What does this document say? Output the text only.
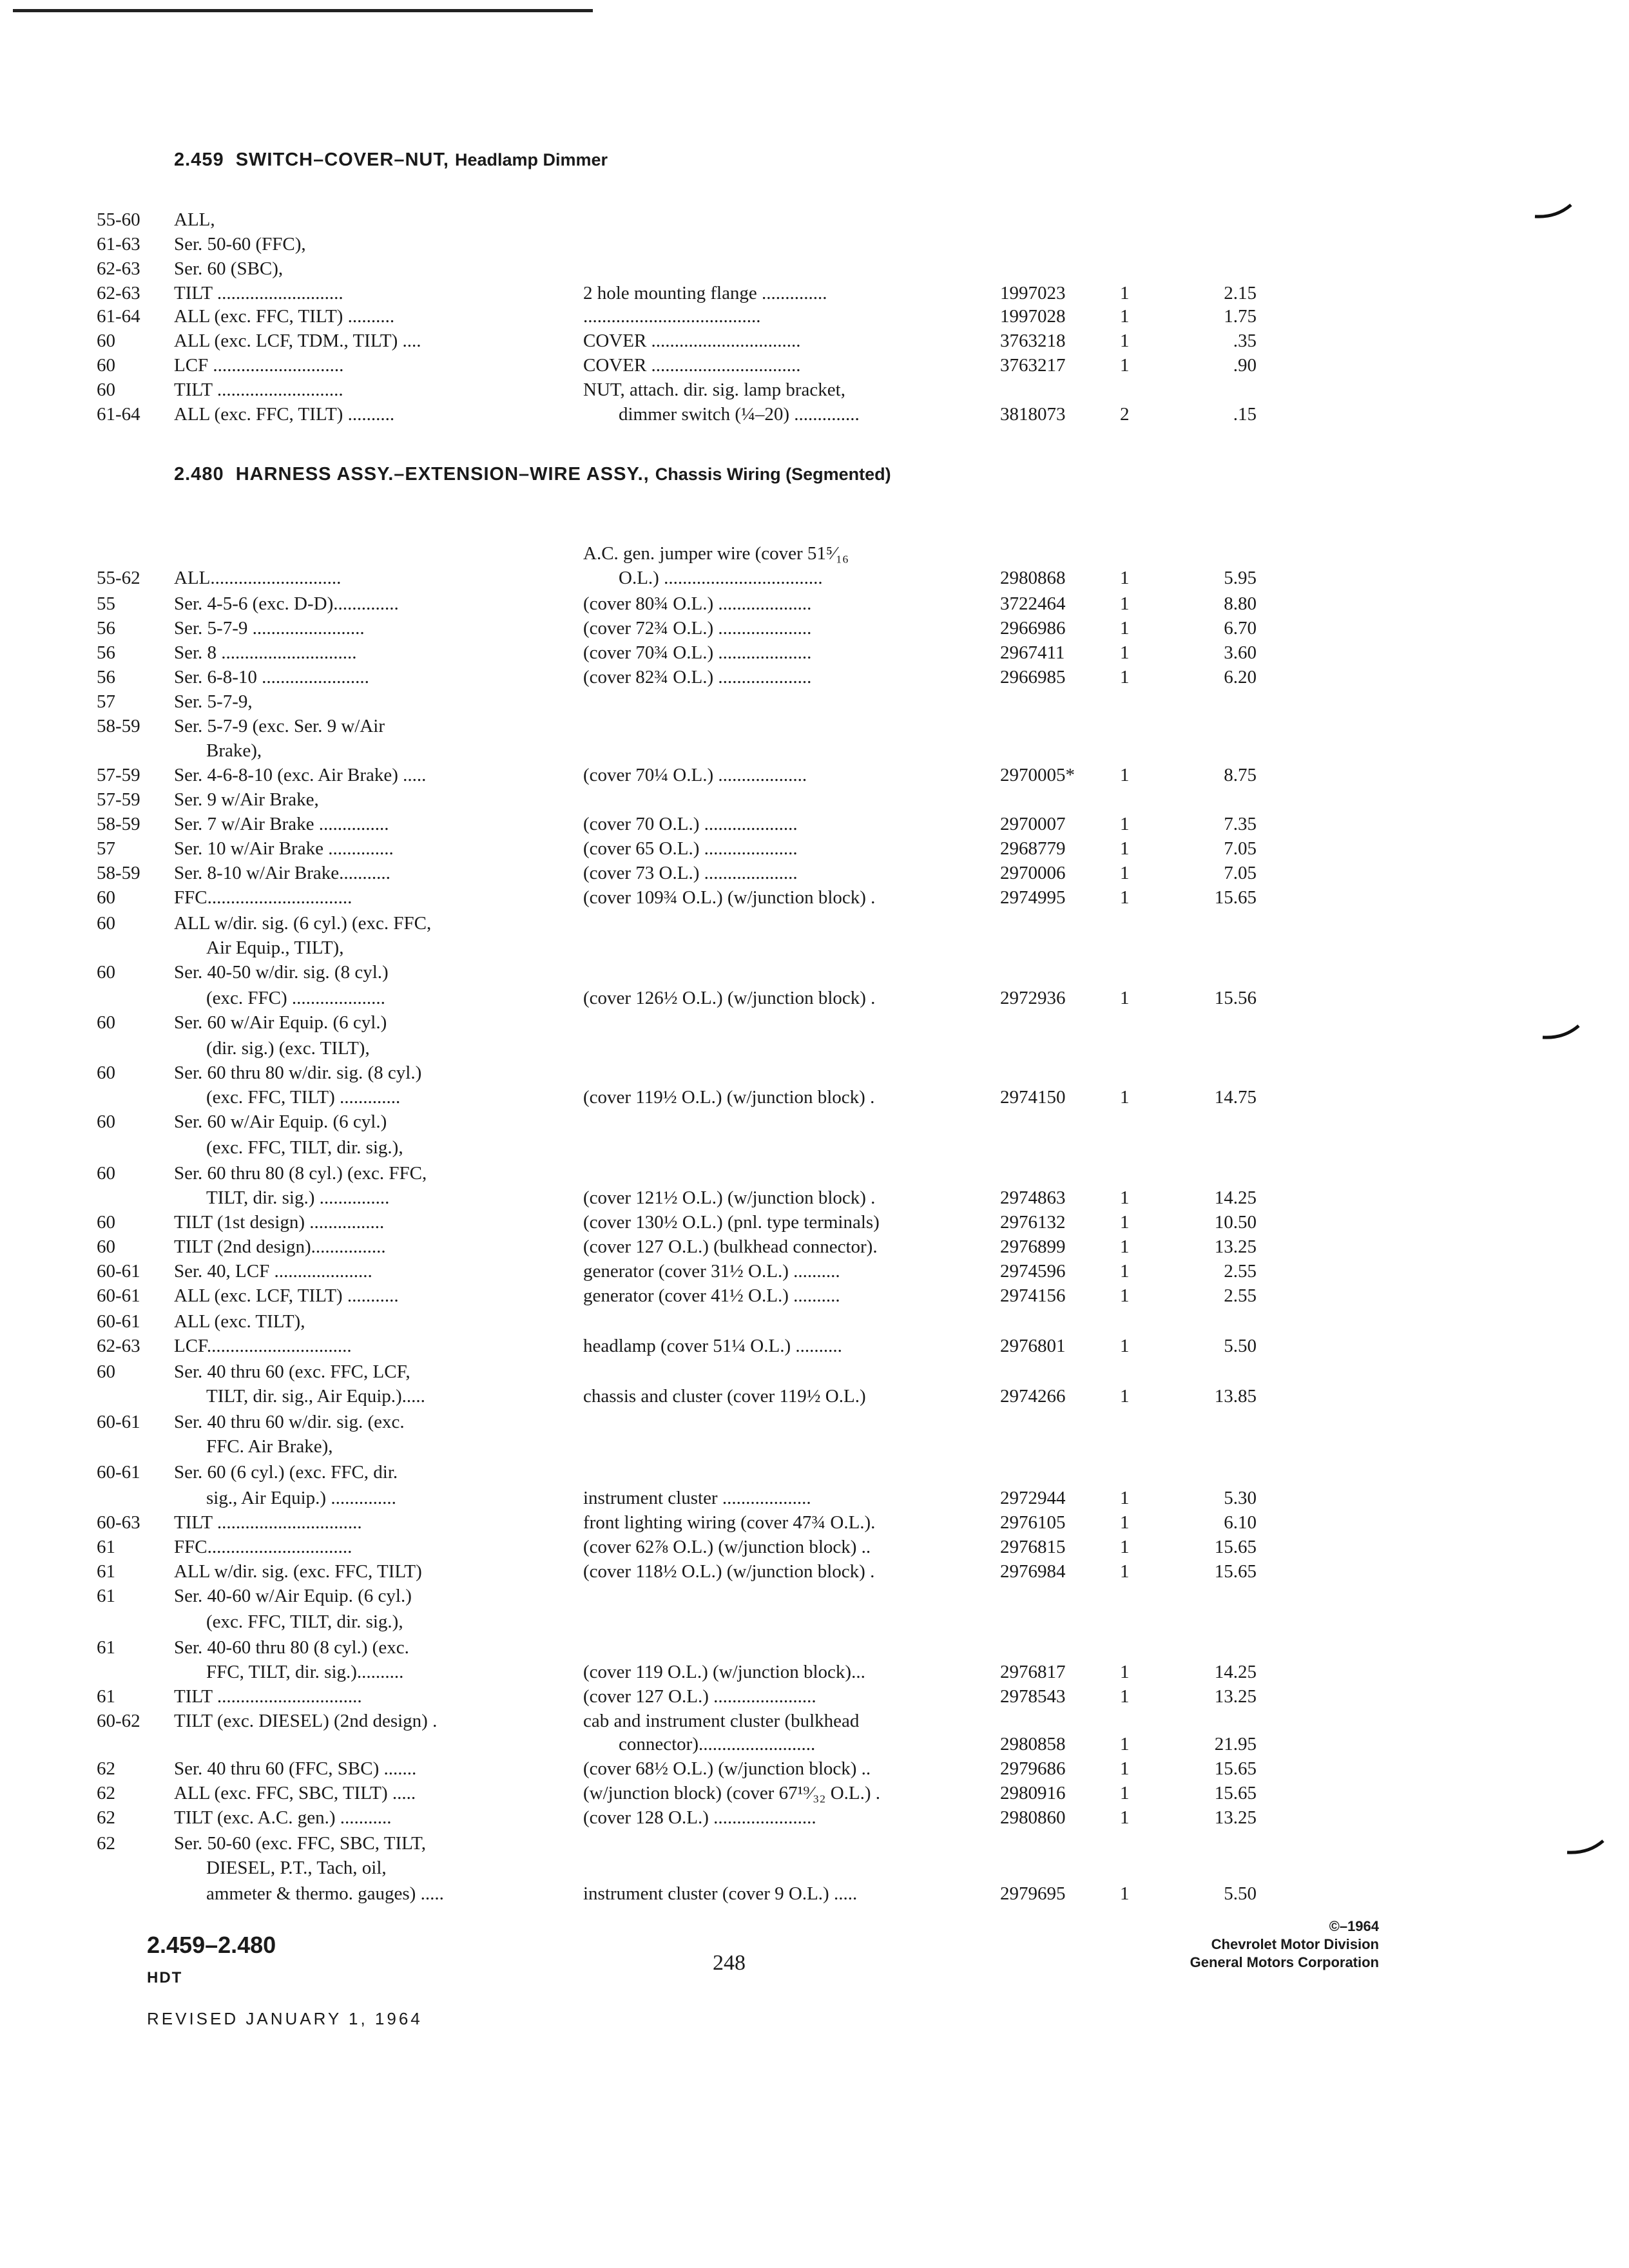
2.459 SWITCH–COVER–NUT, Headlamp Dimmer
55-60	ALL,
61-63	Ser. 50-60 (FFC),
62-63	Ser. 60 (SBC),
62-63	TILT ...........................	2 hole mounting flange ..............	1997023	1	2.15
61-64	ALL (exc. FFC, TILT) ..........	......................................	1997028	1	1.75
60	ALL (exc. LCF, TDM., TILT) ....	COVER ................................	3763218	1	.35
60	LCF ............................	COVER ................................	3763217	1	.90
60	TILT ...........................	NUT, attach. dir. sig. lamp bracket,
61-64	ALL (exc. FFC, TILT) ..........	dimmer switch (¼–20) ..............	3818073	2	.15
2.480 HARNESS ASSY.–EXTENSION–WIRE ASSY., Chassis Wiring (Segmented)
A.C. gen. jumper wire (cover 51⁵⁄₁₆
55-62	ALL............................	O.L.) ..................................	2980868	1	5.95
55	Ser. 4-5-6 (exc. D-D)..............	(cover 80¾ O.L.) ....................	3722464	1	8.80
56	Ser. 5-7-9 ........................	(cover 72¾ O.L.) ....................	2966986	1	6.70
56	Ser. 8 .............................	(cover 70¾ O.L.) ....................	2967411	1	3.60
56	Ser. 6-8-10 .......................	(cover 82¾ O.L.) ....................	2966985	1	6.20
57	Ser. 5-7-9,
58-59	Ser. 5-7-9 (exc. Ser. 9 w/Air
Brake),
57-59	Ser. 4-6-8-10 (exc. Air Brake) .....	(cover 70¼ O.L.) ...................	2970005*	1	8.75
57-59	Ser. 9 w/Air Brake,
58-59	Ser. 7 w/Air Brake ...............	(cover 70 O.L.) ....................	2970007	1	7.35
57	Ser. 10 w/Air Brake ..............	(cover 65 O.L.) ....................	2968779	1	7.05
58-59	Ser. 8-10 w/Air Brake...........	(cover 73 O.L.) ....................	2970006	1	7.05
60	FFC...............................	(cover 109¾ O.L.) (w/junction block) .	2974995	1	15.65
60	ALL w/dir. sig. (6 cyl.) (exc. FFC,
Air Equip., TILT),
60	Ser. 40-50 w/dir. sig. (8 cyl.)
(exc. FFC) ....................	(cover 126½ O.L.) (w/junction block) .	2972936	1	15.56
60	Ser. 60 w/Air Equip. (6 cyl.)
(dir. sig.) (exc. TILT),
60	Ser. 60 thru 80 w/dir. sig. (8 cyl.)
(exc. FFC, TILT) .............	(cover 119½ O.L.) (w/junction block) .	2974150	1	14.75
60	Ser. 60 w/Air Equip. (6 cyl.)
(exc. FFC, TILT, dir. sig.),
60	Ser. 60 thru 80 (8 cyl.) (exc. FFC,
TILT, dir. sig.) ...............	(cover 121½ O.L.) (w/junction block) .	2974863	1	14.25
60	TILT (1st design) ................	(cover 130½ O.L.) (pnl. type terminals)	2976132	1	10.50
60	TILT (2nd design)................	(cover 127 O.L.) (bulkhead connector).	2976899	1	13.25
60-61	Ser. 40, LCF .....................	generator (cover 31½ O.L.) ..........	2974596	1	2.55
60-61	ALL (exc. LCF, TILT) ...........	generator (cover 41½ O.L.) ..........	2974156	1	2.55
60-61	ALL (exc. TILT),
62-63	LCF...............................	headlamp (cover 51¼ O.L.) ..........	2976801	1	5.50
60	Ser. 40 thru 60 (exc. FFC, LCF,
TILT, dir. sig., Air Equip.).....	chassis and cluster (cover 119½ O.L.)	2974266	1	13.85
60-61	Ser. 40 thru 60 w/dir. sig. (exc.
FFC. Air Brake),
60-61	Ser. 60 (6 cyl.) (exc. FFC, dir.
sig., Air Equip.) ..............	instrument cluster ...................	2972944	1	5.30
60-63	TILT ...............................	front lighting wiring (cover 47¾ O.L.).	2976105	1	6.10
61	FFC...............................	(cover 62⅞ O.L.) (w/junction block) ..	2976815	1	15.65
61	ALL w/dir. sig. (exc. FFC, TILT)	(cover 118½ O.L.) (w/junction block) .	2976984	1	15.65
61	Ser. 40-60 w/Air Equip. (6 cyl.)
(exc. FFC, TILT, dir. sig.),
61	Ser. 40-60 thru 80 (8 cyl.) (exc.
FFC, TILT, dir. sig.)..........	(cover 119 O.L.) (w/junction block)...	2976817	1	14.25
61	TILT ...............................	(cover 127 O.L.) ......................	2978543	1	13.25
60-62	TILT (exc. DIESEL) (2nd design) .	cab and instrument cluster (bulkhead
connector).........................	2980858	1	21.95
62	Ser. 40 thru 60 (FFC, SBC) .......	(cover 68½ O.L.) (w/junction block) ..	2979686	1	15.65
62	ALL (exc. FFC, SBC, TILT) .....	(w/junction block) (cover 67¹⁹⁄₃₂ O.L.) .	2980916	1	15.65
62	TILT (exc. A.C. gen.) ...........	(cover 128 O.L.) ......................	2980860	1	13.25
62	Ser. 50-60 (exc. FFC, SBC, TILT,
DIESEL, P.T., Tach, oil,
ammeter & thermo. gauges) .....	instrument cluster (cover 9 O.L.) .....	2979695	1	5.50
2.459–2.480
HDT
REVISED JANUARY 1, 1964
248
©–1964
Chevrolet Motor Division
General Motors Corporation
